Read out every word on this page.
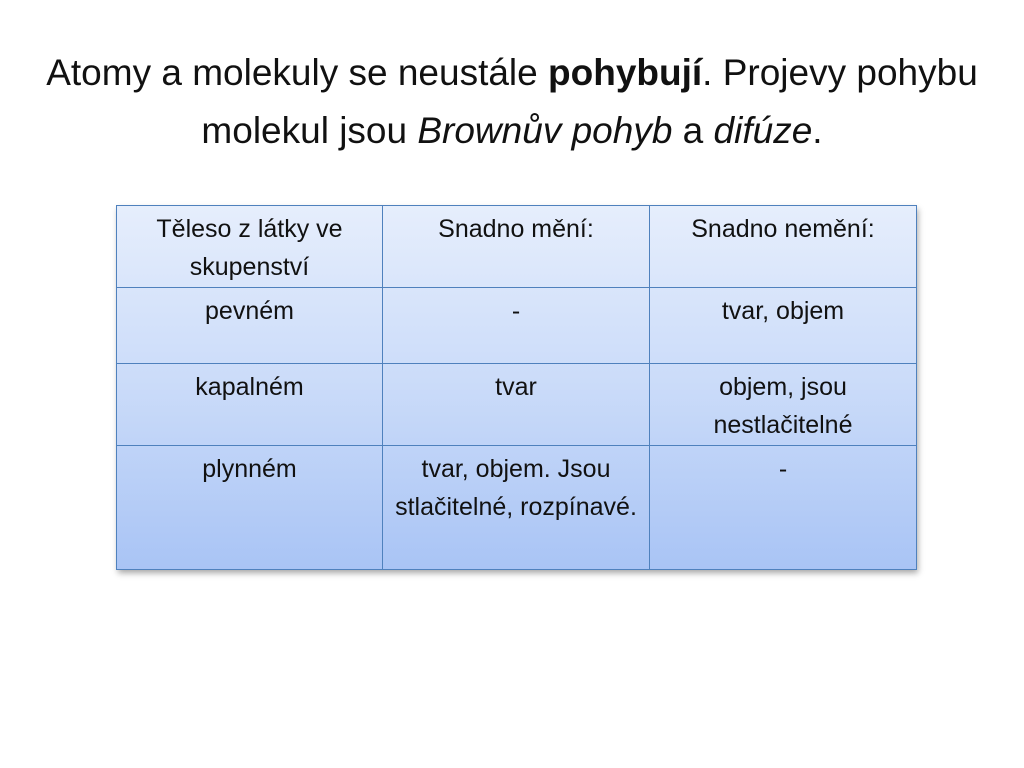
Atomy a molekuly se neustále pohybují. Projevy pohybu molekul jsou Brownův pohyb a difúze.
Těleso z látky ve skupenství	Snadno mění:	Snadno nemění:
pevném	-	tvar, objem
kapalném	tvar	objem, jsou nestlačitelné
plynném	tvar, objem. Jsou stlačitelné, rozpínavé.	-
